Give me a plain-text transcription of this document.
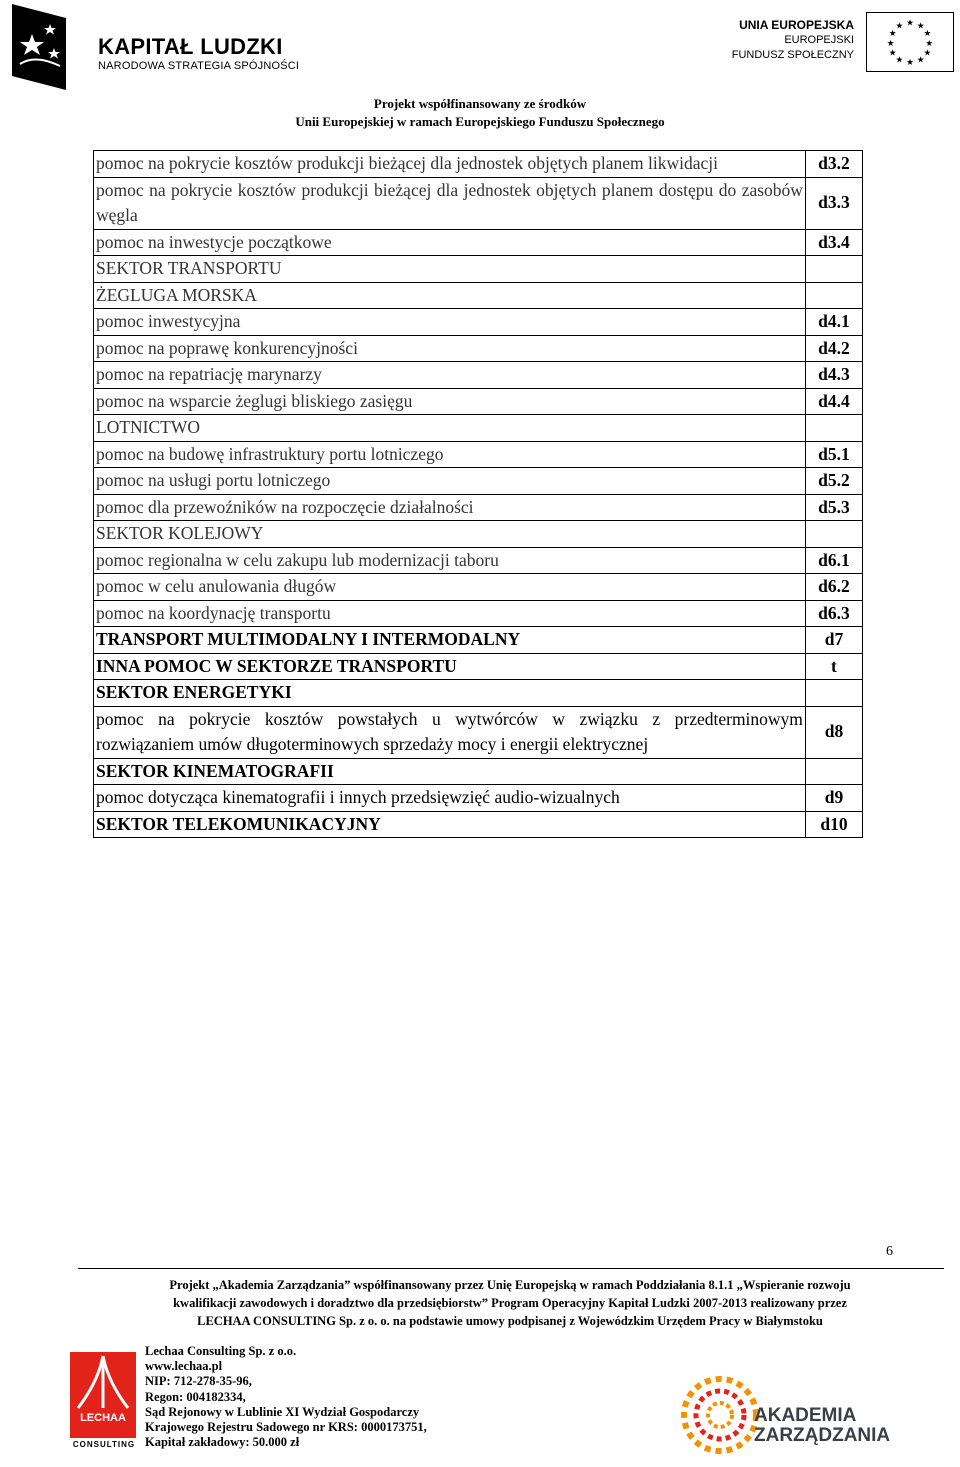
KAPITAŁ LUDZKI
NARODOWA STRATEGIA SPÓJNOŚCI
UNIA EUROPEJSKA
EUROPEJSKI
FUNDUSZ SPOŁECZNY
★ ★
★
★
★
★
★
★
★
★
★
★
Projekt współfinansowany ze środków
Unii Europejskiej w ramach Europejskiego Funduszu Społecznego
pomoc na pokrycie kosztów produkcji bieżącej dla jednostek objętych planem likwidacji	d3.2
pomoc na pokrycie kosztów produkcji bieżącej dla jednostek objętych planem dostępu do zasobów węgla	d3.3
pomoc na inwestycje początkowe	d3.4
SEKTOR TRANSPORTU	
ŻEGLUGA MORSKA	
pomoc inwestycyjna	d4.1
pomoc na poprawę konkurencyjności	d4.2
pomoc na repatriację marynarzy	d4.3
pomoc na wsparcie żeglugi bliskiego zasięgu	d4.4
LOTNICTWO	
pomoc na budowę infrastruktury portu lotniczego	d5.1
pomoc na usługi portu lotniczego	d5.2
pomoc dla przewoźników na rozpoczęcie działalności	d5.3
SEKTOR KOLEJOWY	
pomoc regionalna w celu zakupu lub modernizacji taboru	d6.1
pomoc w celu anulowania długów	d6.2
pomoc na koordynację transportu	d6.3
TRANSPORT MULTIMODALNY I INTERMODALNY	d7
INNA POMOC W SEKTORZE TRANSPORTU	t
SEKTOR ENERGETYKI	
pomoc na pokrycie kosztów powstałych u wytwórców w związku z przedterminowym rozwiązaniem umów długoterminowych sprzedaży mocy i energii elektrycznej	d8
SEKTOR KINEMATOGRAFII	
pomoc dotycząca kinematografii i innych przedsięwzięć audio-wizualnych	d9
SEKTOR TELEKOMUNIKACYJNY	d10
6
Projekt „Akademia Zarządzania” współfinansowany przez Unię Europejską w ramach Poddziałania 8.1.1 „Wspieranie rozwoju
kwalifikacji zawodowych i doradztwo dla przedsiębiorstw” Program Operacyjny Kapitał Ludzki 2007-2013 realizowany przez
LECHAA CONSULTING Sp. z o. o. na podstawie umowy podpisanej z Wojewódzkim Urzędem Pracy w Białymstoku
LECHAA
CONSULTING
Lechaa Consulting Sp. z o.o.
www.lechaa.pl
NIP: 712-278-35-96,
Regon: 004182334,
Sąd Rejonowy w Lublinie XI Wydział Gospodarczy
Krajowego Rejestru Sadowego nr KRS: 0000173751,
Kapitał zakładowy: 50.000 zł
AKADEMIA
ZARZĄDZANIA
